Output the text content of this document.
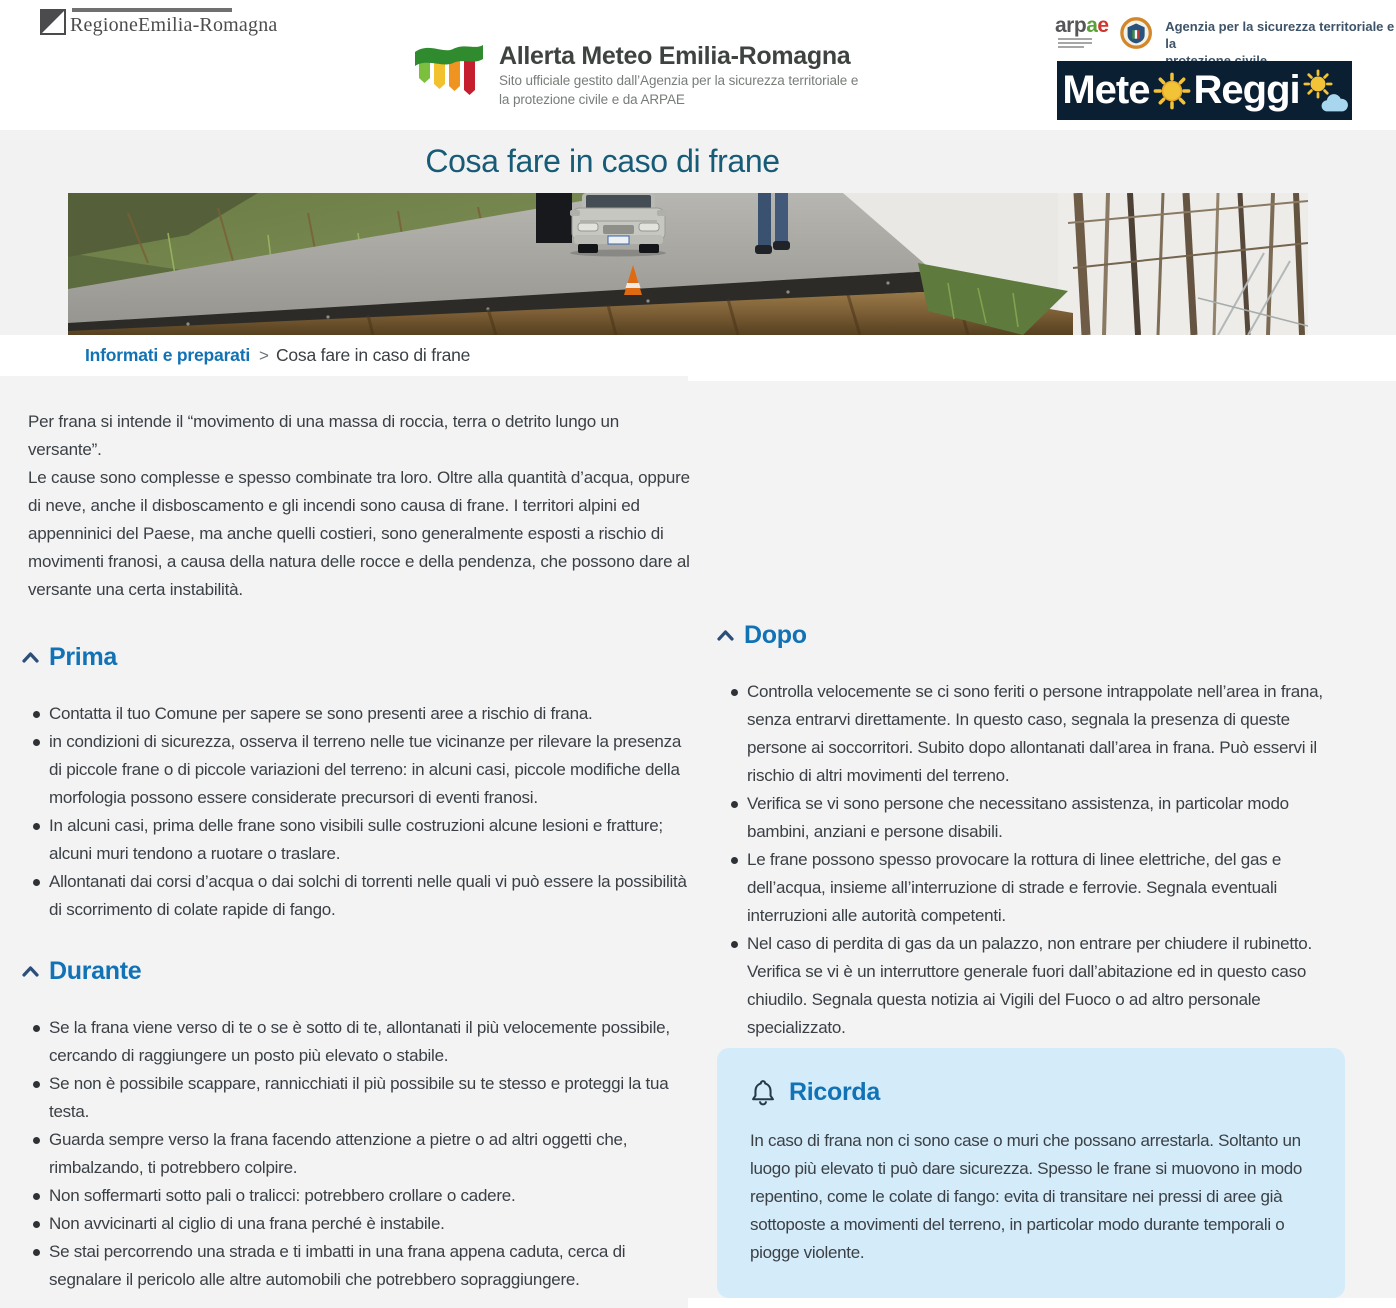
RegioneEmilia-Romagna
Allerta Meteo Emilia-Romagna
Sito ufficiale gestito dall’Agenzia per la sicurezza territoriale e
la protezione civile e da ARPAE
arpae	Agenzia per la sicurezza territoriale e la
Mete Reggi
Cosa fare in caso di frane
Informati e preparati > Cosa fare in caso di frane

Per frana si intende il “movimento di una massa di roccia, terra o detrito lungo un versante”.

Le cause sono complesse e spesso combinate tra loro. Oltre alla quantità d’acqua, oppure di neve, anche il disboscamento e gli incendi sono causa di frane. I territori alpini ed appenninici del Paese, ma anche quelli costieri, sono generalmente esposti a rischio di movimenti franosi, a causa della natura delle rocce e della pendenza, che possono dare al versante una certa instabilità.

Prima
Contatta il tuo Comune per sapere se sono presenti aree a rischio di frana.
in condizioni di sicurezza, osserva il terreno nelle tue vicinanze per rilevare la presenza di piccole frane o di piccole variazioni del terreno: in alcuni casi, piccole modifiche della morfologia possono essere considerate precursori di eventi franosi.
In alcuni casi, prima delle frane sono visibili sulle costruzioni alcune lesioni e fratture; alcuni muri tendono a ruotare o traslare.
Allontanati dai corsi d’acqua o dai solchi di torrenti nelle quali vi può essere la possibilità di scorrimento di colate rapide di fango.
Durante
Se la frana viene verso di te o se è sotto di te, allontanati il più velocemente possibile, cercando di raggiungere un posto più elevato o stabile.
Se non è possibile scappare, rannicchiati il più possibile su te stesso e proteggi la tua testa.
Guarda sempre verso la frana facendo attenzione a pietre o ad altri oggetti che, rimbalzando, ti potrebbero colpire.
Non soffermarti sotto pali o tralicci: potrebbero crollare o cadere.
Non avvicinarti al ciglio di una frana perché è instabile.
Se stai percorrendo una strada e ti imbatti in una frana appena caduta, cerca di segnalare il pericolo alle altre automobili che potrebbero sopraggiungere.
Dopo
Controlla velocemente se ci sono feriti o persone intrappolate nell’area in frana, senza entrarvi direttamente. In questo caso, segnala la presenza di queste persone ai soccorritori. Subito dopo allontanati dall’area in frana. Può esservi il rischio di altri movimenti del terreno.
Verifica se vi sono persone che necessitano assistenza, in particolar modo bambini, anziani e persone disabili.
Le frane possono spesso provocare la rottura di linee elettriche, del gas e dell’acqua, insieme all’interruzione di strade e ferrovie. Segnala eventuali interruzioni alle autorità competenti.
Nel caso di perdita di gas da un palazzo, non entrare per chiudere il rubinetto. Verifica se vi è un interruttore generale fuori dall’abitazione ed in questo caso chiudilo. Segnala questa notizia ai Vigili del Fuoco o ad altro personale specializzato.
Ricorda

In caso di frana non ci sono case o muri che possano arrestarla. Soltanto un luogo più elevato ti può dare sicurezza. Spesso le frane si muovono in modo repentino, come le colate di fango: evita di transitare nei pressi di aree già sottoposte a movimenti del terreno, in particolar modo durante temporali o piogge violente.
